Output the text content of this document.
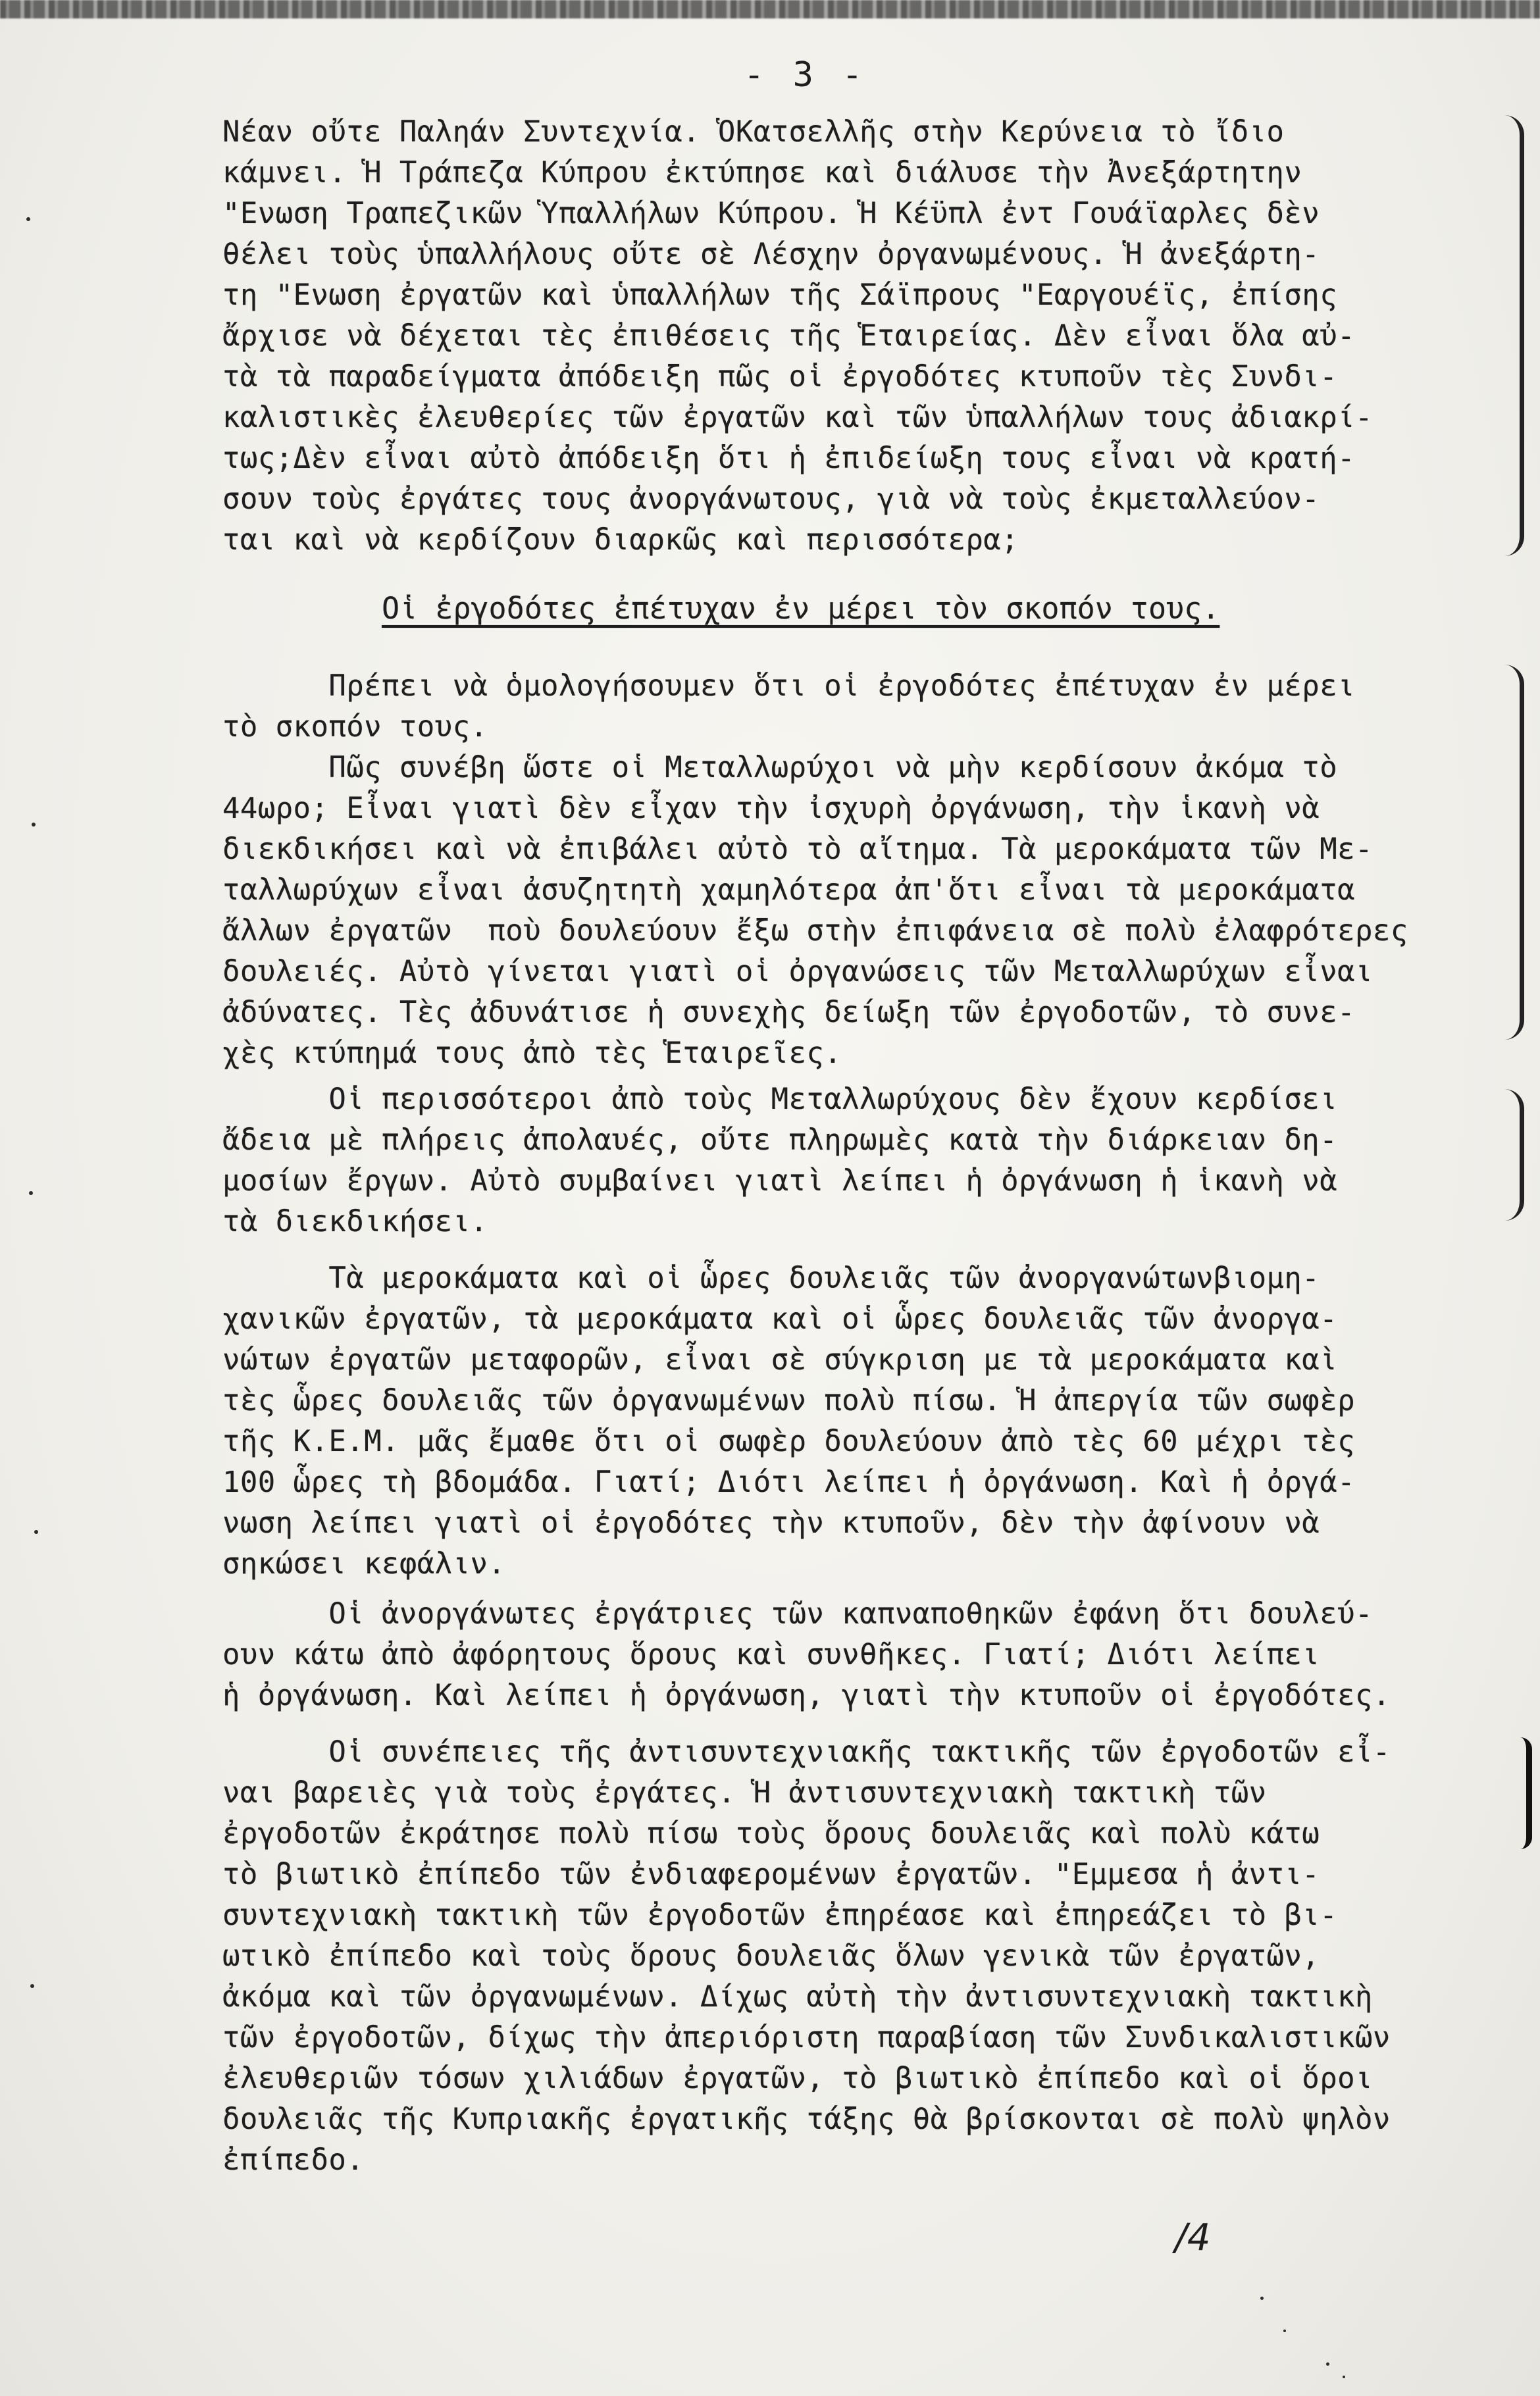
- 3 -
Νέαν οὔτε Παληάν Συντεχνία. ὉΚατσελλῆς στὴν Κερύνεια τὸ ἴδιο
κάμνει. Ἡ Τράπεζα Κύπρου ἐκτύπησε καὶ διάλυσε τὴν Ἀνεξάρτητην
"Ενωση Τραπεζικῶν Ὑπαλλήλων Κύπρου. Ἡ Κέϋπλ ἐντ Γουάϊαρλες δὲν
θέλει τοὺς ὑπαλλήλους οὔτε σὲ Λέσχην ὀργανωμένους. Ἡ ἀνεξάρτη-
τη "Ενωση ἐργατῶν καὶ ὑπαλλήλων τῆς Σάϊπρους "Εαργουέϊς, ἐπίσης
ἄρχισε νὰ δέχεται τὲς ἐπιθέσεις τῆς Ἑταιρείας. Δὲν εἶναι ὅλα αὐ-
τὰ τὰ παραδείγματα ἀπόδειξη πῶς οἱ ἐργοδότες κτυποῦν τὲς Συνδι-
καλιστικὲς ἐλευθερίες τῶν ἐργατῶν καὶ τῶν ὑπαλλήλων τους ἀδιακρί-
τως;Δὲν εἶναι αὐτὸ ἀπόδειξη ὅτι ἡ ἐπιδείωξη τους εἶναι νὰ κρατή-
σουν τοὺς ἐργάτες τους ἀνοργάνωτους, γιὰ νὰ τοὺς ἐκμεταλλεύον-
ται καὶ νὰ κερδίζουν διαρκῶς καὶ περισσότερα;
Οἱ ἐργοδότες ἐπέτυχαν ἐν μέρει τὸν σκοπόν τους.
Πρέπει νὰ ὁμολογήσουμεν ὅτι οἱ ἐργοδότες ἐπέτυχαν ἐν μέρει
τὸ σκοπόν τους.
Πῶς συνέβη ὥστε οἱ Μεταλλωρύχοι νὰ μὴν κερδίσουν ἀκόμα τὸ
44ωρο; Εἶναι γιατὶ δὲν εἶχαν τὴν ἰσχυρὴ ὀργάνωση, τὴν ἱκανὴ νὰ
διεκδικήσει καὶ νὰ ἐπιβάλει αὐτὸ τὸ αἴτημα. Τὰ μεροκάματα τῶν Με-
ταλλωρύχων εἶναι ἀσυζητητὴ χαμηλότερα ἀπ'ὅτι εἶναι τὰ μεροκάματα
ἄλλων ἐργατῶν  ποὺ δουλεύουν ἔξω στὴν ἐπιφάνεια σὲ πολὺ ἐλαφρότερες
δουλειές. Αὐτὸ γίνεται γιατὶ οἱ ὀργανώσεις τῶν Μεταλλωρύχων εἶναι
ἀδύνατες. Τὲς ἀδυνάτισε ἡ συνεχὴς δείωξη τῶν ἐργοδοτῶν, τὸ συνε-
χὲς κτύπημά τους ἀπὸ τὲς Ἑταιρεῖες.
Οἱ περισσότεροι ἀπὸ τοὺς Μεταλλωρύχους δὲν ἔχουν κερδίσει
ἄδεια μὲ πλήρεις ἀπολαυές, οὔτε πληρωμὲς κατὰ τὴν διάρκειαν δη-
μοσίων ἔργων. Αὐτὸ συμβαίνει γιατὶ λείπει ἡ ὀργάνωση ἡ ἱκανὴ νὰ
τὰ διεκδικήσει.
Τὰ μεροκάματα καὶ οἱ ὧρες δουλειᾶς τῶν ἀνοργανώτωνβιομη-
χανικῶν ἐργατῶν, τὰ μεροκάματα καὶ οἱ ὧρες δουλειᾶς τῶν ἀνοργα-
νώτων ἐργατῶν μεταφορῶν, εἶναι σὲ σύγκριση με τὰ μεροκάματα καὶ
τὲς ὧρες δουλειᾶς τῶν ὀργανωμένων πολὺ πίσω. Ἡ ἀπεργία τῶν σωφὲρ
τῆς Κ.Ε.Μ. μᾶς ἔμαθε ὅτι οἱ σωφὲρ δουλεύουν ἀπὸ τὲς 60 μέχρι τὲς
100 ὧρες τὴ βδομάδα. Γιατί; Διότι λείπει ἡ ὀργάνωση. Καὶ ἡ ὀργά-
νωση λείπει γιατὶ οἱ ἐργοδότες τὴν κτυποῦν, δὲν τὴν ἀφίνουν νὰ
σηκώσει κεφάλιν.
Οἱ ἀνοργάνωτες ἐργάτριες τῶν καπναποθηκῶν ἐφάνη ὅτι δουλεύ-
ουν κάτω ἀπὸ ἀφόρητους ὅρους καὶ συνθῆκες. Γιατί; Διότι λείπει
ἡ ὀργάνωση. Καὶ λείπει ἡ ὀργάνωση, γιατὶ τὴν κτυποῦν οἱ ἐργοδότες.
Οἱ συνέπειες τῆς ἀντισυντεχνιακῆς τακτικῆς τῶν ἐργοδοτῶν εἶ-
ναι βαρειὲς γιὰ τοὺς ἐργάτες. Ἡ ἀντισυντεχνιακὴ τακτικὴ τῶν
ἐργοδοτῶν ἐκράτησε πολὺ πίσω τοὺς ὅρους δουλειᾶς καὶ πολὺ κάτω
τὸ βιωτικὸ ἐπίπεδο τῶν ἐνδιαφερομένων ἐργατῶν. "Εμμεσα ἡ ἀντι-
συντεχνιακὴ τακτικὴ τῶν ἐργοδοτῶν ἐπηρέασε καὶ ἐπηρεάζει τὸ βι-
ωτικὸ ἐπίπεδο καὶ τοὺς ὅρους δουλειᾶς ὅλων γενικὰ τῶν ἐργατῶν,
ἀκόμα καὶ τῶν ὀργανωμένων. Δίχως αὐτὴ τὴν ἀντισυντεχνιακὴ τακτικὴ
τῶν ἐργοδοτῶν, δίχως τὴν ἀπεριόριστη παραβίαση τῶν Συνδικαλιστικῶν
ἐλευθεριῶν τόσων χιλιάδων ἐργατῶν, τὸ βιωτικὸ ἐπίπεδο καὶ οἱ ὅροι
δουλειᾶς τῆς Κυπριακῆς ἐργατικῆς τάξης θὰ βρίσκονται σὲ πολὺ ψηλὸν
ἐπίπεδο.
/4
